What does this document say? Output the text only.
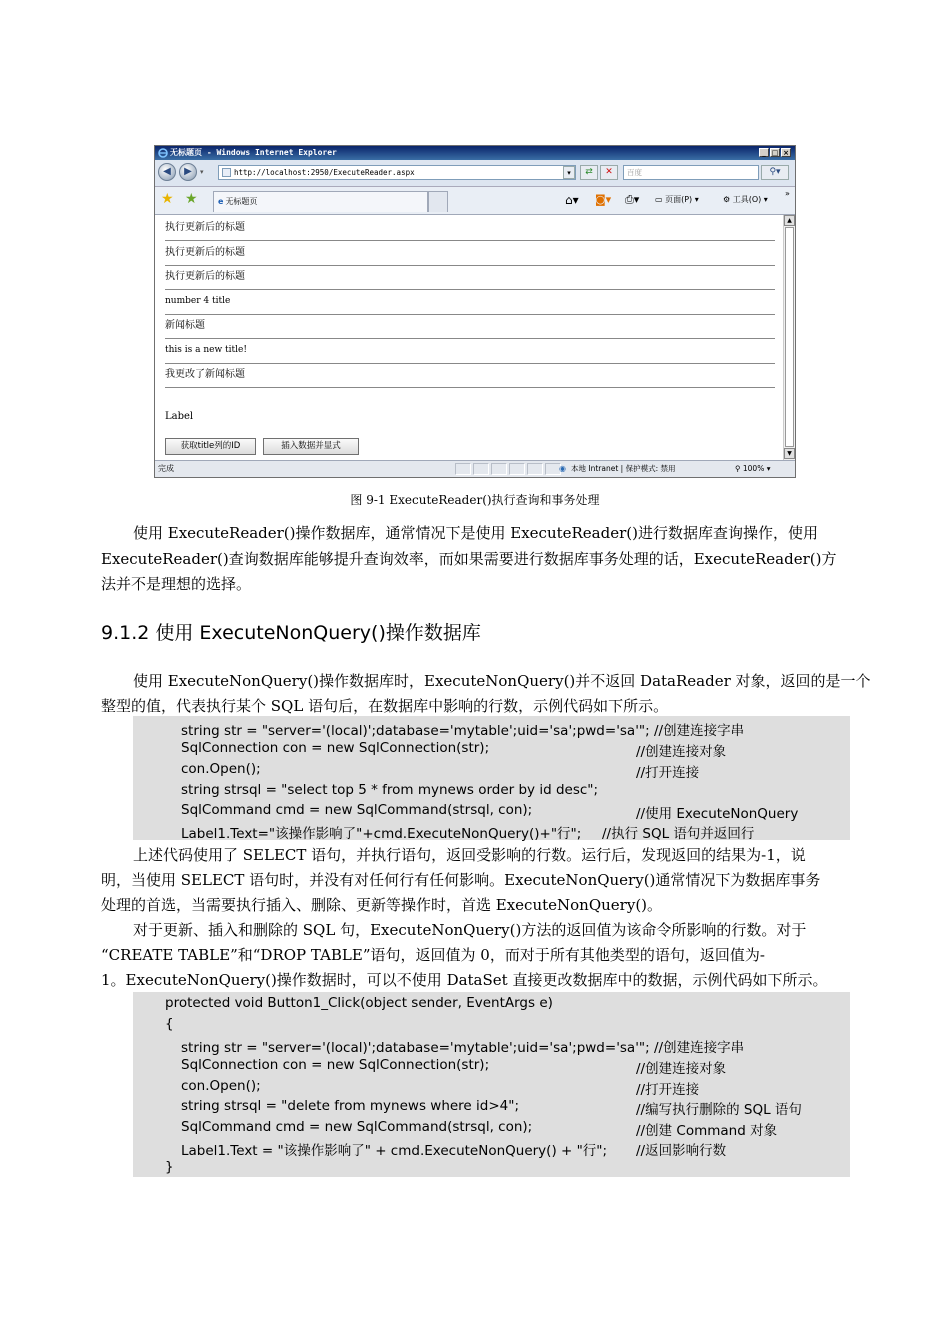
无标题页 - Windows Internet Explorer	_ □ ×
◀	▶	▾	http://localhost:2950/ExecuteReader.aspx	▾	⇄	✕	百度	⚲▾
★ ★	e 无标题页	⌂▾ ◙▾ ⎙▾ ▭ 页面(P) ▾	⚙ 工具(O) ▾
»
执行更新后的标题
执行更新后的标题
执行更新后的标题
number 4 title
新闻标题
this is a new title!
我更改了新闻标题
Label
获取title列的ID	插入数据并显式
▲
▼
完成	◉ 本地 Intranet | 保护模式: 禁用	⚲ 100% ▾
图 9-1 ExecuteReader()执行查询和事务处理
使用 ExecuteReader()操作数据库，通常情况下是使用 ExecuteReader()进行数据库查询操作，使用
ExecuteReader()查询数据库能够提升查询效率，而如果需要进行数据库事务处理的话，ExecuteReader()方
法并不是理想的选择。
9.1.2 使用 ExecuteNonQuery()操作数据库
使用 ExecuteNonQuery()操作数据库时，ExecuteNonQuery()并不返回 DataReader 对象，返回的是一个
整型的值，代表执行某个 SQL 语句后，在数据库中影响的行数，示例代码如下所示。
string str = "server='(local)';database='mytable';uid='sa';pwd='sa'"; //创建连接字串
SqlConnection con = new SqlConnection(str);	//创建连接对象
con.Open();	//打开连接
string strsql = "select top 5 * from mynews order by id desc";
SqlCommand cmd = new SqlCommand(strsql, con);	//使用 ExecuteNonQuery
Label1.Text="该操作影响了"+cmd.ExecuteNonQuery()+"行"; //执行 SQL 语句并返回行
上述代码使用了 SELECT 语句，并执行语句，返回受影响的行数。运行后，发现返回的结果为-1，说
明，当使用 SELECT 语句时，并没有对任何行有任何影响。ExecuteNonQuery()通常情况下为数据库事务
处理的首选，当需要执行插入、删除、更新等操作时，首选 ExecuteNonQuery()。
对于更新、插入和删除的 SQL 句，ExecuteNonQuery()方法的返回值为该命令所影响的行数。对于
“CREATE TABLE”和“DROP TABLE”语句，返回值为 0，而对于所有其他类型的语句，返回值为-
1。ExecuteNonQuery()操作数据时，可以不使用 DataSet 直接更改数据库中的数据，示例代码如下所示。
protected void Button1_Click(object sender, EventArgs e)
{
string str = "server='(local)';database='mytable';uid='sa';pwd='sa'"; //创建连接字串
SqlConnection con = new SqlConnection(str);	//创建连接对象
con.Open();	//打开连接
string strsql = "delete from mynews where id>4";	//编写执行删除的 SQL 语句
SqlCommand cmd = new SqlCommand(strsql, con);	//创建 Command 对象
Label1.Text = "该操作影响了" + cmd.ExecuteNonQuery() + "行"; //返回影响行数
}
